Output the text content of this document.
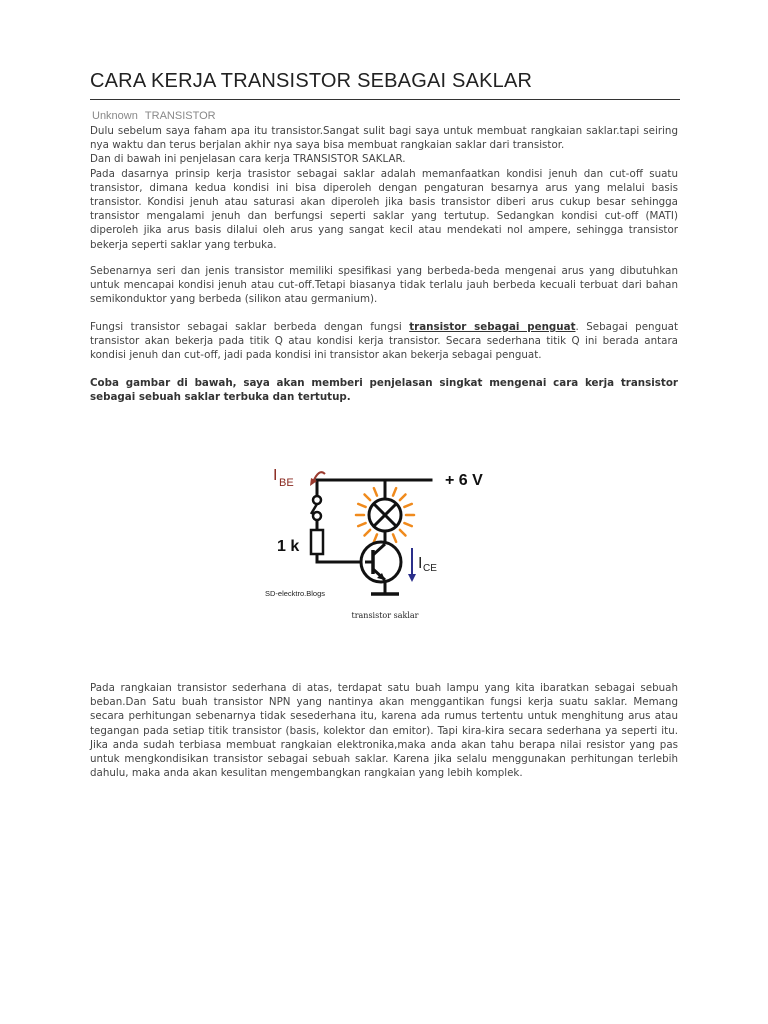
CARA KERJA TRANSISTOR SEBAGAI SAKLAR
Unknown TRANSISTOR

Dulu sebelum saya faham apa itu transistor.Sangat sulit bagi saya untuk membuat rangkaian saklar.tapi seiring nya waktu dan terus berjalan akhir nya saya bisa membuat rangkaian saklar dari transistor.

Dan di bawah ini penjelasan cara kerja TRANSISTOR SAKLAR.

Pada dasarnya prinsip kerja trasistor sebagai saklar adalah memanfaatkan kondisi jenuh dan cut-off suatu transistor, dimana kedua kondisi ini bisa diperoleh dengan pengaturan besarnya arus yang melalui basis transistor. Kondisi jenuh atau saturasi akan diperoleh jika basis transistor diberi arus cukup besar sehingga transistor mengalami jenuh dan berfungsi seperti saklar yang tertutup. Sedangkan kondisi cut-off (MATI) diperoleh jika arus basis dilalui oleh arus yang sangat kecil atau mendekati nol ampere, sehingga transistor bekerja seperti saklar yang terbuka.

Sebenarnya seri dan jenis transistor memiliki spesifikasi yang berbeda-beda mengenai arus yang dibutuhkan untuk mencapai kondisi jenuh atau cut-off.Tetapi biasanya tidak terlalu jauh berbeda kecuali terbuat dari bahan semikonduktor yang berbeda (silikon atau germanium).

Fungsi transistor sebagai saklar berbeda dengan fungsi transistor sebagai penguat. Sebagai penguat transistor akan bekerja pada titik Q atau kondisi kerja transistor. Secara sederhana titik Q ini berada antara kondisi jenuh dan cut-off, jadi pada kondisi ini transistor akan bekerja sebagai penguat.

Coba gambar di bawah, saya akan memberi penjelasan singkat mengenai cara kerja transistor sebagai sebuah saklar terbuka dan tertutup.

I BE	+ 6 V
1 k
I CE
SD-elecktro.Blogs
transistor saklar

Pada rangkaian transistor sederhana di atas, terdapat satu buah lampu yang kita ibaratkan sebagai sebuah beban.Dan Satu buah transistor NPN yang nantinya akan menggantikan fungsi kerja suatu saklar. Memang secara perhitungan sebenarnya tidak sesederhana itu, karena ada rumus tertentu untuk menghitung arus atau tegangan pada setiap titik transistor (basis, kolektor dan emitor). Tapi kira-kira secara sederhana ya seperti itu. Jika anda sudah terbiasa membuat rangkaian elektronika,maka anda akan tahu berapa nilai resistor yang pas untuk mengkondisikan transistor sebagai sebuah saklar. Karena jika selalu menggunakan perhitungan terlebih dahulu, maka anda akan kesulitan mengembangkan rangkaian yang lebih komplek.
